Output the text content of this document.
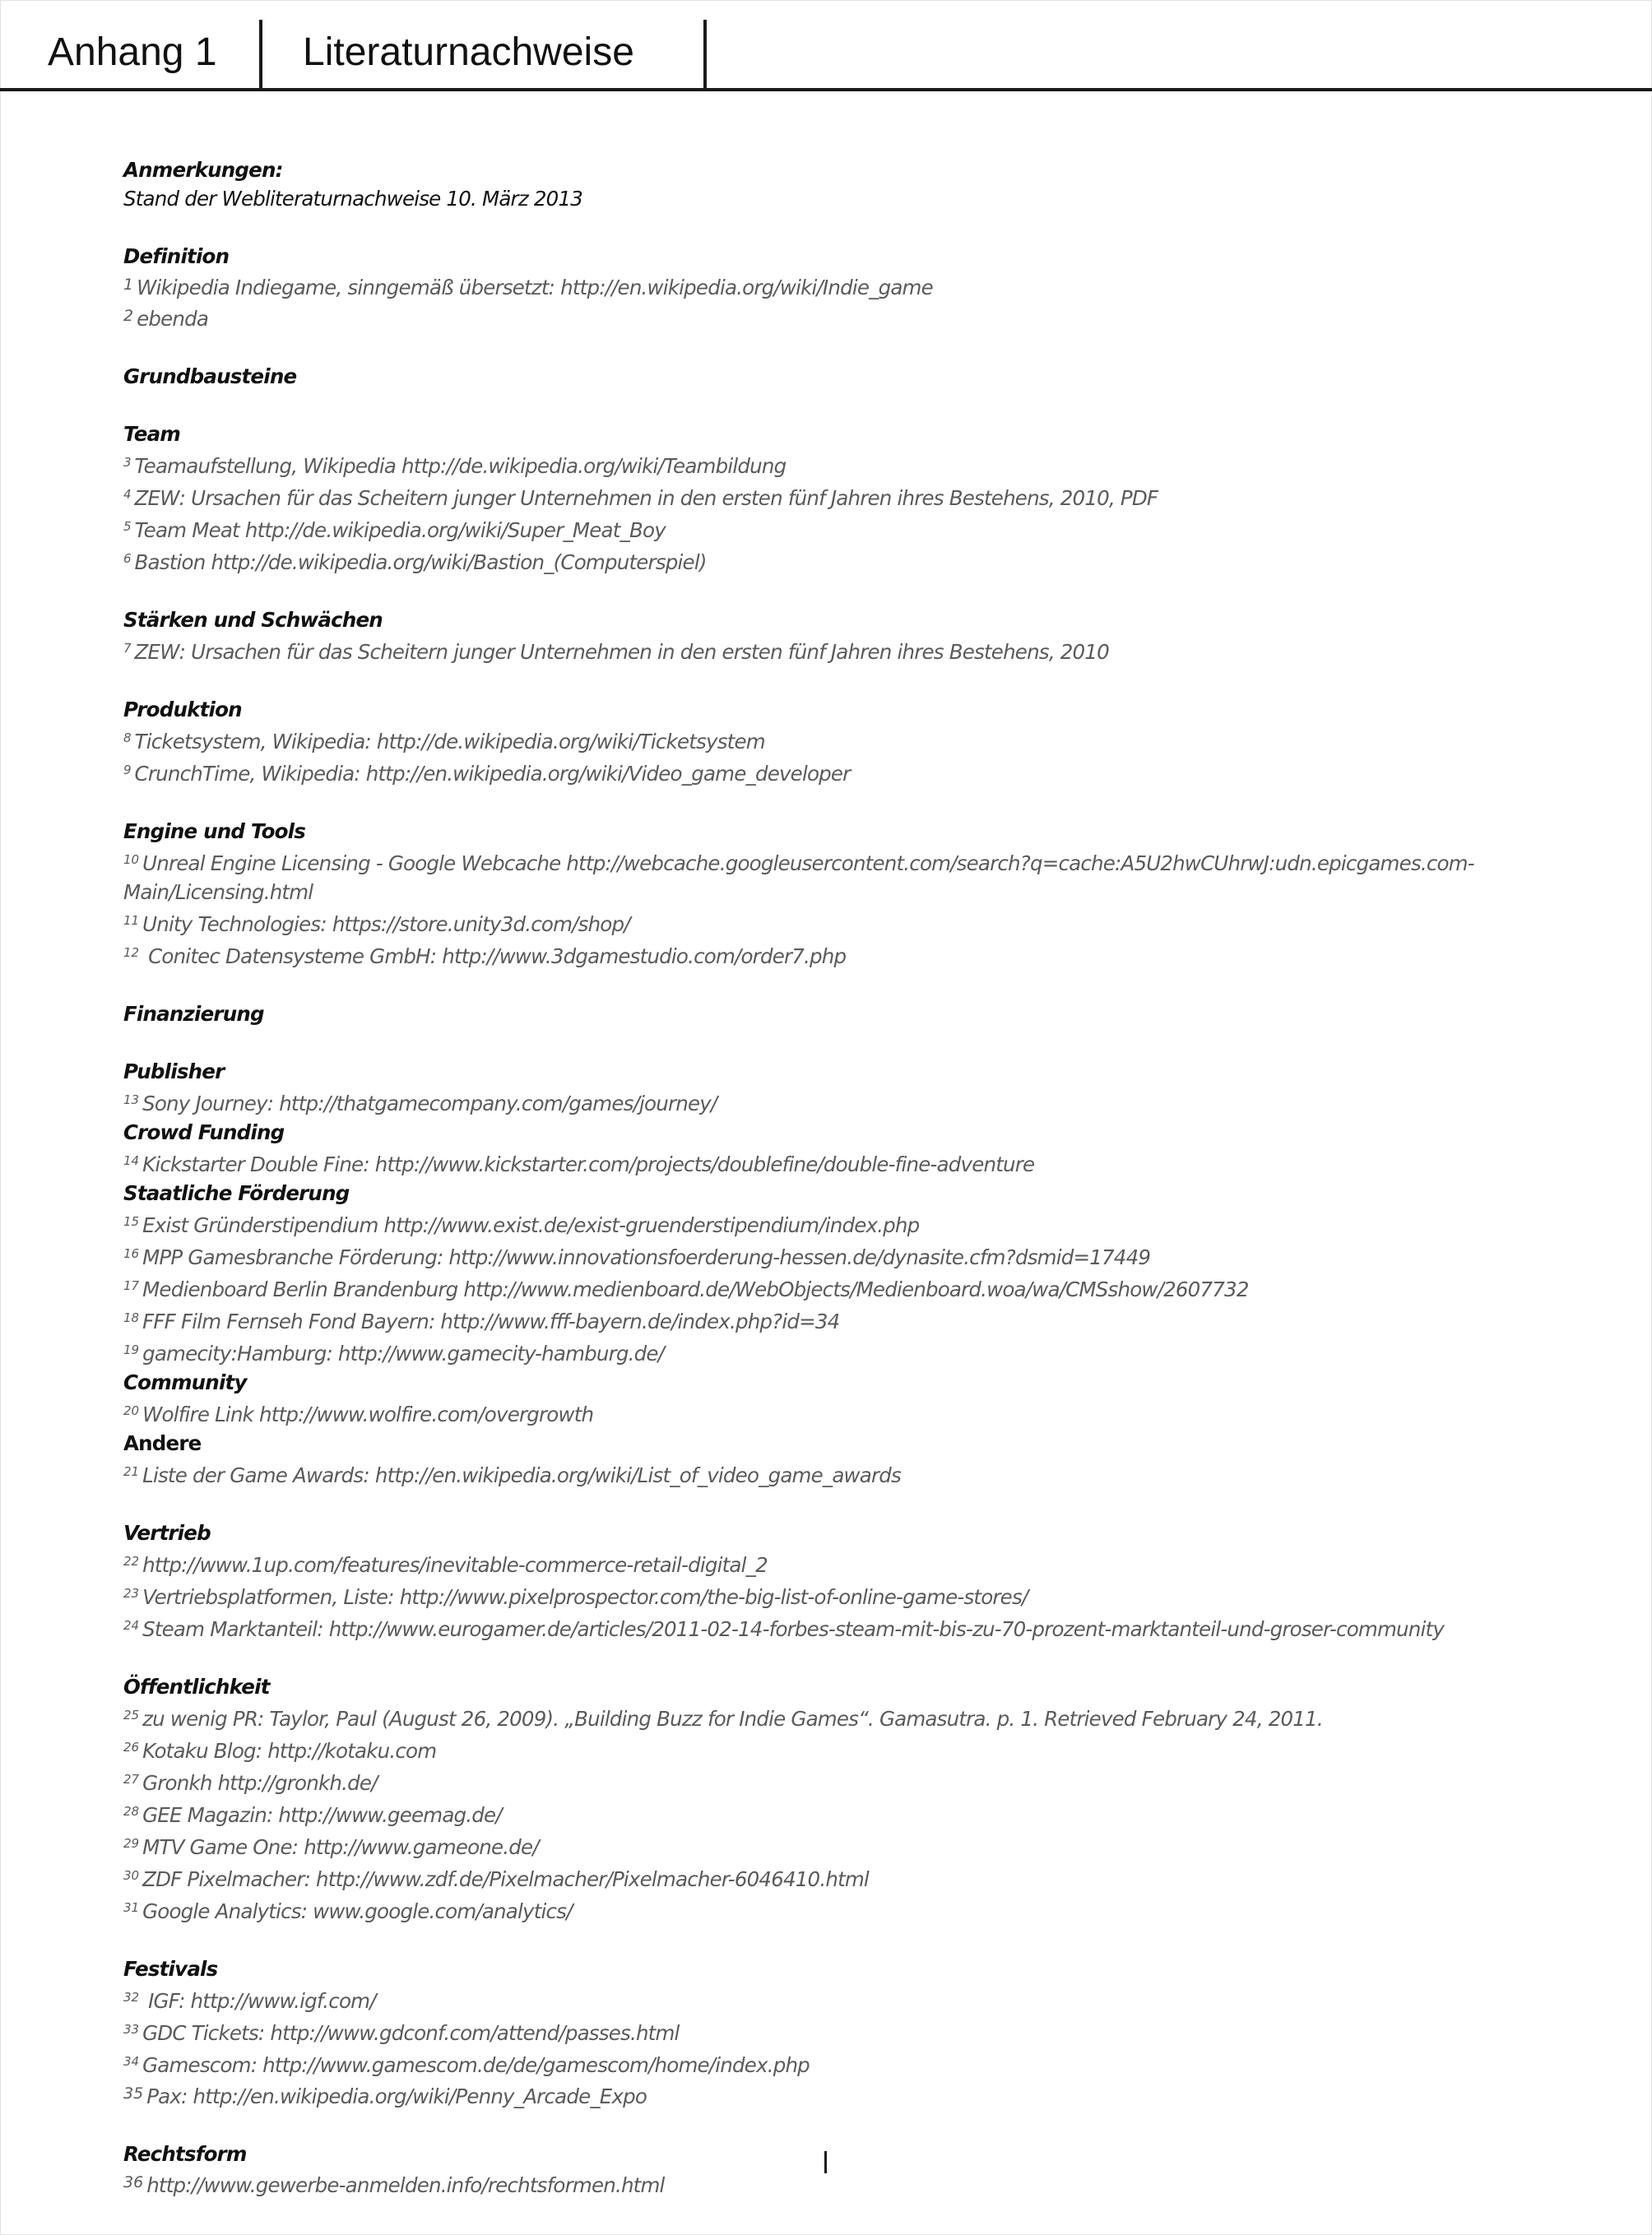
Anhang 1 Literaturnachweise
Anmerkungen:
Stand der Webliteraturnachweise 10. März 2013
Definition
$^1$ Wikipedia Indiegame, sinngemäß übersetzt: http://en.wikipedia.org/wiki/Indie_game
$^2$ ebenda
Grundbausteine
Team
$^3$ Teamaufstellung, Wikipedia http://de.wikipedia.org/wiki/Teambildung
$^4$ ZEW: Ursachen für das Scheitern junger Unternehmen in den ersten fünf Jahren ihres Bestehens, 2010, PDF
$^5$ Team Meat http://de.wikipedia.org/wiki/Super_Meat_Boy
$^6$ Bastion http://de.wikipedia.org/wiki/Bastion_(Computerspiel)
Stärken und Schwächen
$^7$ ZEW: Ursachen für das Scheitern junger Unternehmen in den ersten fünf Jahren ihres Bestehens, 2010
Produktion
$^8$ Ticketsystem, Wikipedia: http://de.wikipedia.org/wiki/Ticketsystem
$^9$ CrunchTime, Wikipedia: http://en.wikipedia.org/wiki/Video_game_developer
Engine und Tools
$^{10}$ Unreal Engine Licensing - Google Webcache http://webcache.googleusercontent.com/search?q=cache:A5U2hwCUhrwJ:udn.epicgames.com-Main/Licensing.html
$^{11}$ Unity Technologies: https://store.unity3d.com/shop/
$^{12}$ Conitec Datensysteme GmbH: http://www.3dgamestudio.com/order7.php
Finanzierung
Publisher
$^{13}$ Sony Journey: http://thatgamecompany.com/games/journey/
Crowd Funding
$^{14}$ Kickstarter Double Fine: http://www.kickstarter.com/projects/doublefine/double-fine-adventure
Staatliche Förderung
$^{15}$ Exist Gründerstipendium http://www.exist.de/exist-gruenderstipendium/index.php
$^{16}$ MPP Gamesbranche Förderung: http://www.innovationsfoerderung-hessen.de/dynasite.cfm?dsmid=17449
$^{17}$ Medienboard Berlin Brandenburg http://www.medienboard.de/WebObjects/Medienboard.woa/wa/CMSshow/2607732
$^{18}$ FFF Film Fernseh Fond Bayern: http://www.fff-bayern.de/index.php?id=34
$^{19}$ gamecity:Hamburg: http://www.gamecity-hamburg.de/
Community
$^{20}$ Wolfire Link http://www.wolfire.com/overgrowth
Andere
$^{21}$ Liste der Game Awards: http://en.wikipedia.org/wiki/List_of_video_game_awards
Vertrieb
$^{22}$ http://www.1up.com/features/inevitable-commerce-retail-digital_2
$^{23}$ Vertriebsplatformen, Liste: http://www.pixelprospector.com/the-big-list-of-online-game-stores/
$^{24}$ Steam Marktanteil: http://www.eurogamer.de/articles/2011-02-14-forbes-steam-mit-bis-zu-70-prozent-marktanteil-und-groser-community
Öffentlichkeit
$^{25}$ zu wenig PR: Taylor, Paul (August 26, 2009). „Building Buzz for Indie Games“. Gamasutra. p. 1. Retrieved February 24, 2011.
$^{26}$ Kotaku Blog: http://kotaku.com
$^{27}$ Gronkh http://gronkh.de/
$^{28}$ GEE Magazin: http://www.geemag.de/
$^{29}$ MTV Game One: http://www.gameone.de/
$^{30}$ ZDF Pixelmacher: http://www.zdf.de/Pixelmacher/Pixelmacher-6046410.html
$^{31}$ Google Analytics: www.google.com/analytics/
Festivals
$^{32}$ IGF: http://www.igf.com/
$^{33}$ GDC Tickets: http://www.gdconf.com/attend/passes.html
$^{34}$ Gamescom: http://www.gamescom.de/de/gamescom/home/index.php
$^{35}$ Pax: http://en.wikipedia.org/wiki/Penny_Arcade_Expo
Rechtsform
$^{36}$ http://www.gewerbe-anmelden.info/rechtsformen.html
